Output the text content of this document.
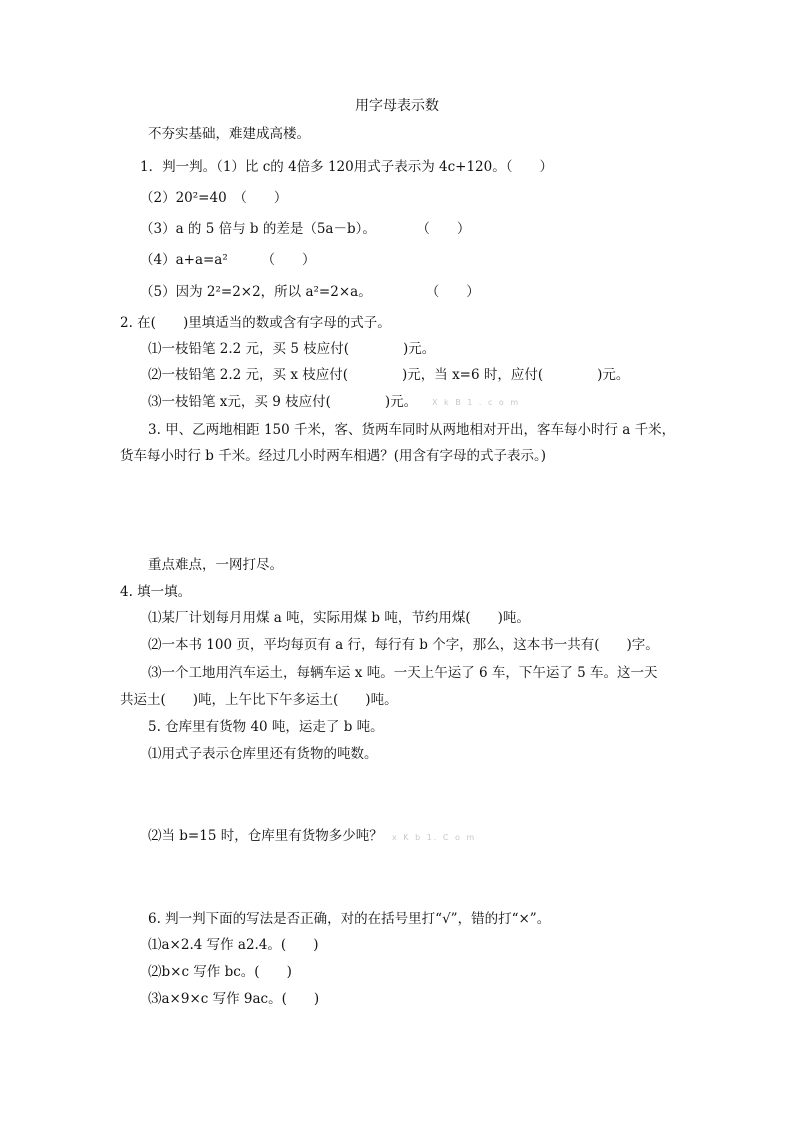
用字母表示数
不夯实基础，难建成高楼。
1．判一判。（1）比 c的 4倍多 120用式子表示为 4c+120。（　　）
（2）20²=40　（　　）
（3）a 的 5 倍与 b 的差是（5a－b）。　　　　（　　）
（4）a+a=a²　　　（　　）
（5）因为 2²=2×2，所以 a²=2×a。　　　　　（　　）
2. 在(　　)里填适当的数或含有字母的式子。
⑴一枝铅笔 2.2 元，买 5 枝应付(　　　　)元。
⑵一枝铅笔 2.2 元，买 x 枝应付(　　　　)元，当 x=6 时，应付(　　　　)元。
⑶一枝铅笔 x元，买 9 枝应付(　　　　)元。 X k B 1 . c o m
3. 甲、乙两地相距 150 千米，客、货两车同时从两地相对开出，客车每小时行 a 千米，
货车每小时行 b 千米。经过几小时两车相遇？(用含有字母的式子表示。)
重点难点，一网打尽。
4. 填一填。
⑴某厂计划每月用煤 a 吨，实际用煤 b 吨，节约用煤(　　)吨。
⑵一本书 100 页，平均每页有 a 行，每行有 b 个字，那么，这本书一共有(　　)字。
⑶一个工地用汽车运土，每辆车运 x 吨。一天上午运了 6 车，下午运了 5 车。这一天
共运土(　　)吨，上午比下午多运土(　　)吨。
5. 仓库里有货物 40 吨，运走了 b 吨。
⑴用式子表示仓库里还有货物的吨数。
⑵当 b=15 时，仓库里有货物多少吨？ x K b 1. C o m
6. 判一判下面的写法是否正确，对的在括号里打“√”，错的打“×”。
⑴a×2.4 写作 a2.4。(　　)
⑵b×c 写作 bc。(　　)
⑶a×9×c 写作 9ac。(　　)
